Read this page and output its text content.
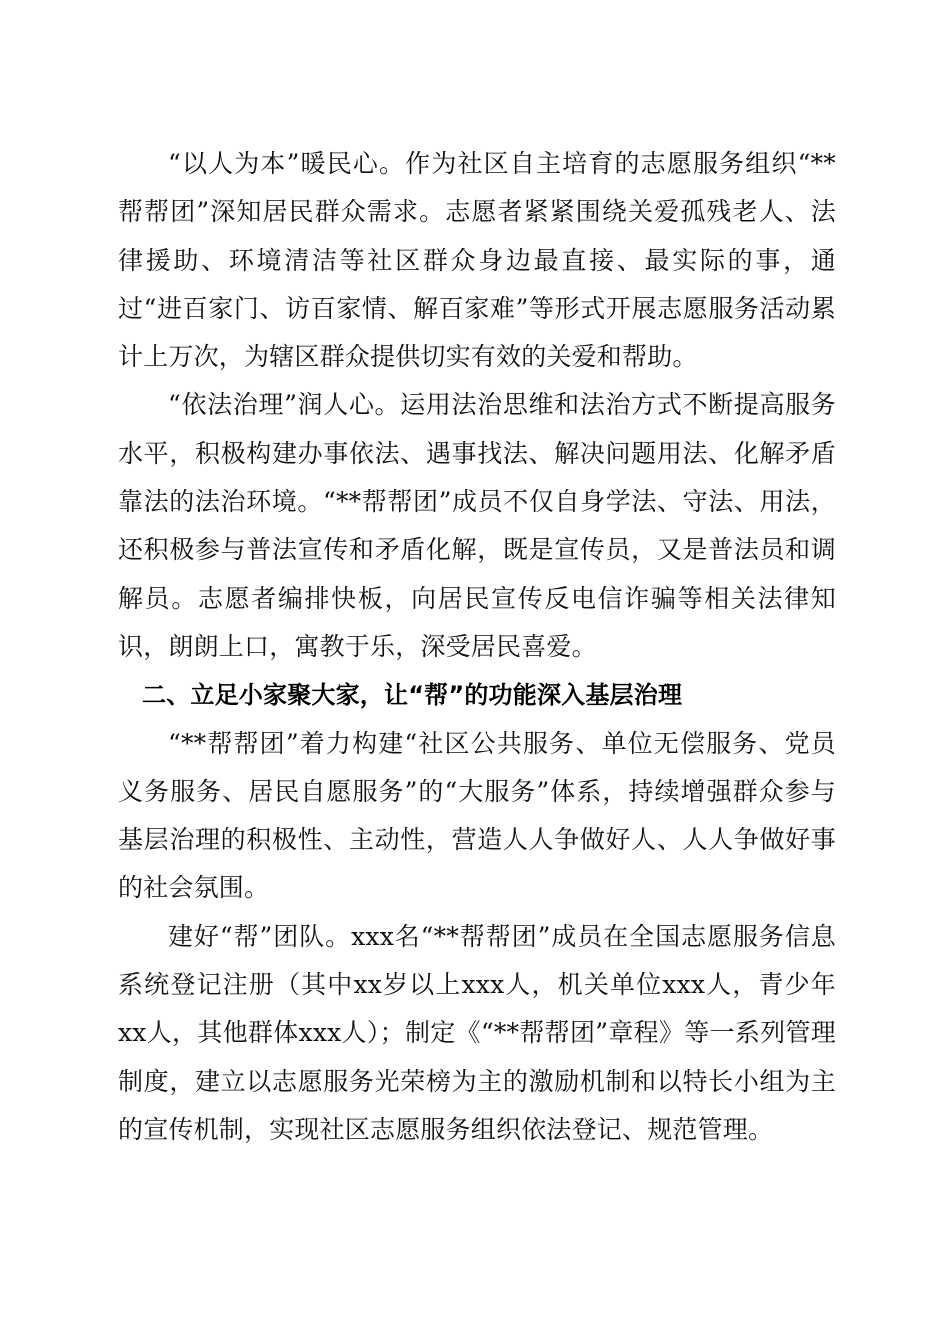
“以人为本”暖民心。作为社区自主培育的志愿服务组织“**帮帮团”深知居民群众需求。志愿者紧紧围绕关爱孤残老人、法律援助、环境清洁等社区群众身边最直接、最实际的事，通过“进百家门、访百家情、解百家难”等形式开展志愿服务活动累计上万次，为辖区群众提供切实有效的关爱和帮助。

“依法治理”润人心。运用法治思维和法治方式不断提高服务水平，积极构建办事依法、遇事找法、解决问题用法、化解矛盾靠法的法治环境。“**帮帮团”成员不仅自身学法、守法、用法，还积极参与普法宣传和矛盾化解，既是宣传员，又是普法员和调解员。志愿者编排快板，向居民宣传反电信诈骗等相关法律知识，朗朗上口，寓教于乐，深受居民喜爱。

二、立足小家聚大家，让“帮”的功能深入基层治理

“**帮帮团”着力构建“社区公共服务、单位无偿服务、党员义务服务、居民自愿服务”的“大服务”体系，持续增强群众参与基层治理的积极性、主动性，营造人人争做好人、人人争做好事的社会氛围。

建好“帮”团队。xxx名“**帮帮团”成员在全国志愿服务信息系统登记注册（其中xx岁以上xxx人，机关单位xxx人，青少年xx人，其他群体xxx人）；制定《“**帮帮团”章程》等一系列管理制度，建立以志愿服务光荣榜为主的激励机制和以特长小组为主的宣传机制，实现社区志愿服务组织依法登记、规范管理。
